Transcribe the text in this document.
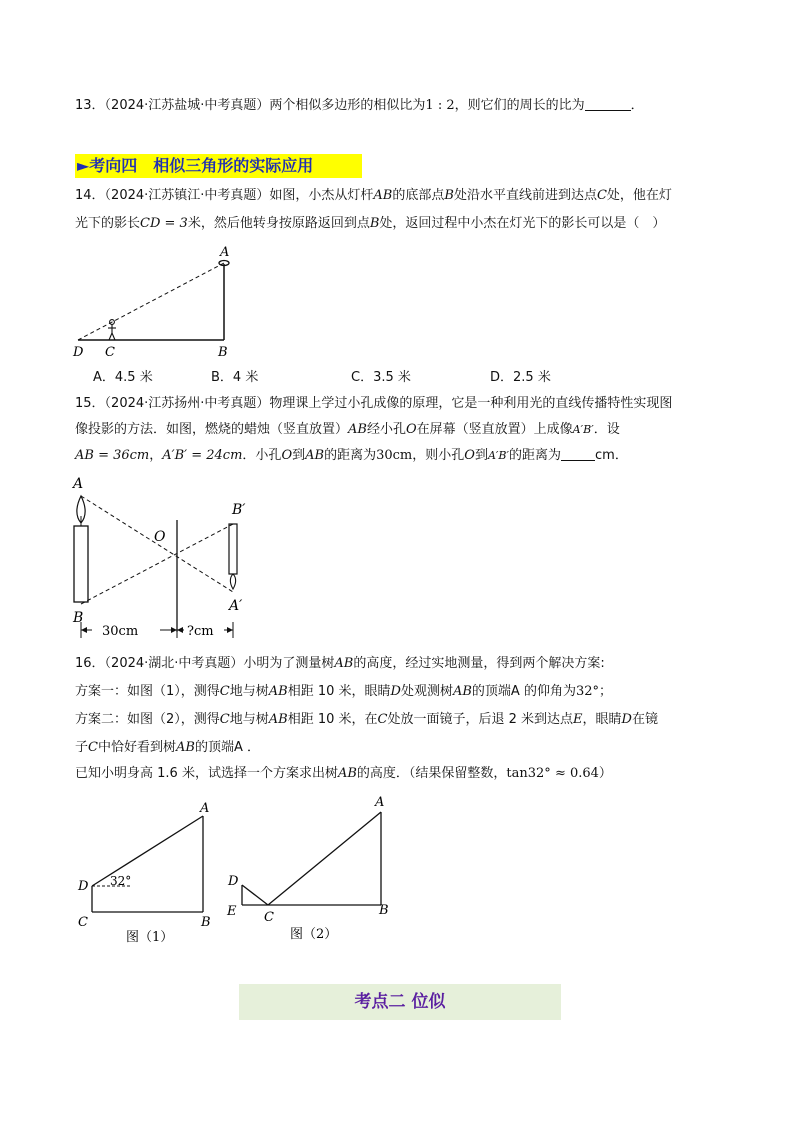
13．（2024·江苏盐城·中考真题）两个相似多边形的相似比为1 : 2，则它们的周长的比为	．
►考向四　相似三角形的实际应用
14．（2024·江苏镇江·中考真题）如图，小杰从灯杆AB的底部点B处沿水平直线前进到达点C处，他在灯
光下的影长CD = 3米，然后他转身按原路返回到点B处，返回过程中小杰在灯光下的影长可以是（　）
A
B
C
D
A．4.5 米	B．4 米	C．3.5 米	D．2.5 米
15．（2024·江苏扬州·中考真题）物理课上学过小孔成像的原理，它是一种利用光的直线传播特性实现图
像投影的方法．如图，燃烧的蜡烛（竖直放置）AB经小孔O在屏幕（竖直放置）上成像A′B′．设
AB = 36cm，A′B′ = 24cm．小孔O到AB的距离为30cm，则小孔O到A′B′的距离为	cm．
A
B
O
B′
A′
30cm	?cm
16．（2024·湖北·中考真题）小明为了测量树AB的高度，经过实地测量，得到两个解决方案:
方案一：如图（1），测得C地与树AB相距 10 米，眼睛D处观测树AB的顶端A 的仰角为32°；
方案二：如图（2），测得C地与树AB相距 10 米，在C处放一面镜子，后退 2 米到达点E，眼睛D在镜
子C中恰好看到树AB的顶端A ．
已知小明身高 1.6 米，试选择一个方案求出树AB的高度．（结果保留整数，tan32° ≈ 0.64）
A
B
C
D 32°
图（1）
A
B
C
D
E
图（2）
考点二 位似
